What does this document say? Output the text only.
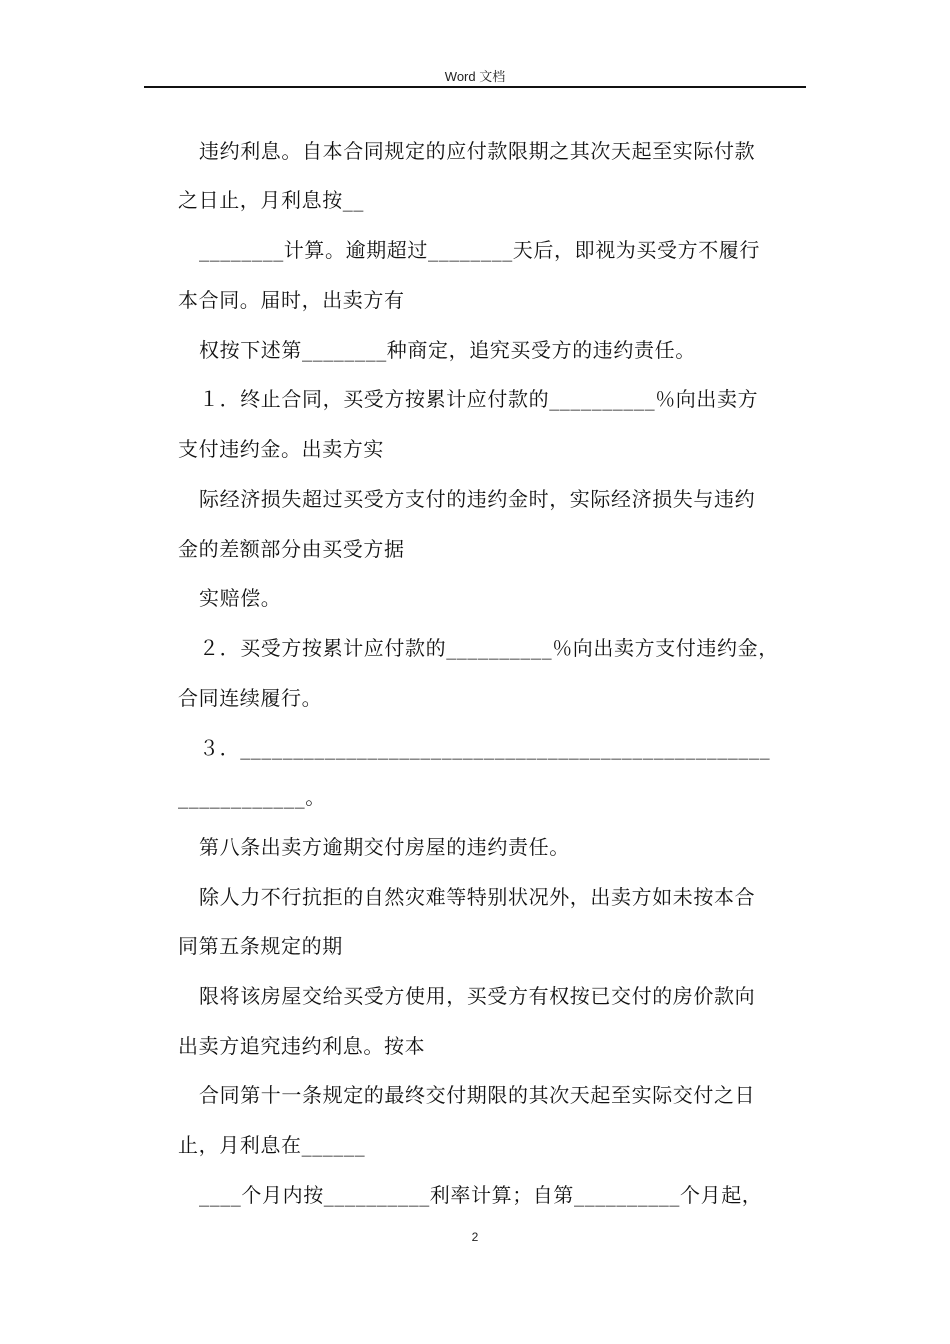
Word 文档
违约利息。自本合同规定的应付款限期之其次天起至实际付款
之日止，月利息按__
________计算。逾期超过________天后，即视为买受方不履行
本合同。届时，出卖方有
权按下述第________种商定，追究买受方的违约责任。
１．终止合同，买受方按累计应付款的__________％向出卖方
支付违约金。出卖方实
际经济损失超过买受方支付的违约金时，实际经济损失与违约
金的差额部分由买受方据
实赔偿。
２．买受方按累计应付款的__________％向出卖方支付违约金，
合同连续履行。
３．__________________________________________________
____________。
第八条出卖方逾期交付房屋的违约责任。
除人力不行抗拒的自然灾难等特别状况外，出卖方如未按本合
同第五条规定的期
限将该房屋交给买受方使用，买受方有权按已交付的房价款向
出卖方追究违约利息。按本
合同第十一条规定的最终交付期限的其次天起至实际交付之日
止，月利息在______
____个月内按__________利率计算；自第__________个月起，
2
